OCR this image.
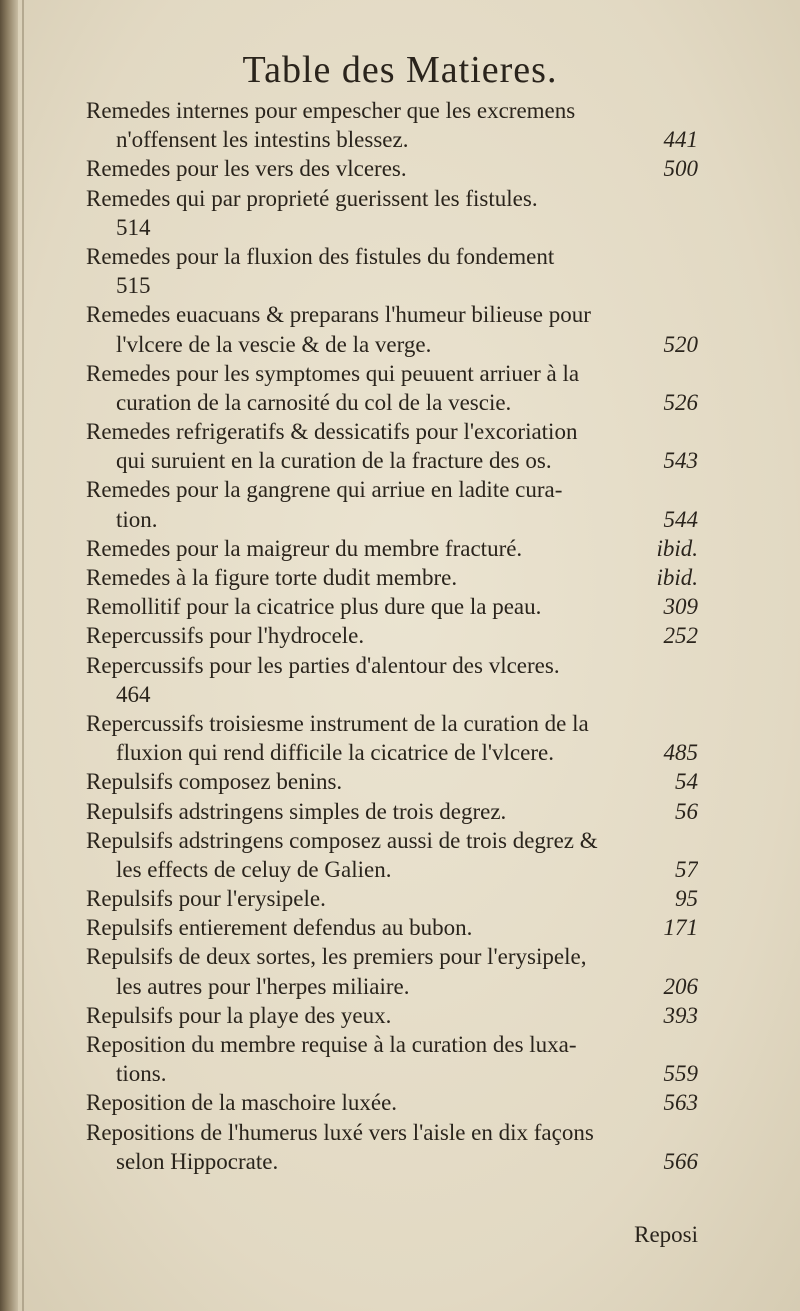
Table des Matieres.
Remedes internes pour empescher que les excremens
n'offensent les intestins blessez.	441
Remedes pour les vers des vlceres.	500
Remedes qui par proprieté guerissent les fistules.
514
Remedes pour la fluxion des fistules du fondement
515
Remedes euacuans & preparans l'humeur bilieuse pour
l'vlcere de la vescie & de la verge.	520
Remedes pour les symptomes qui peuuent arriuer à la
curation de la carnosité du col de la vescie.	526
Remedes refrigeratifs & dessicatifs pour l'excoriation
qui suruient en la curation de la fracture des os.	543
Remedes pour la gangrene qui arriue en ladite cura-
tion.	544
Remedes pour la maigreur du membre fracturé.	ibid.
Remedes à la figure torte dudit membre.	ibid.
Remollitif pour la cicatrice plus dure que la peau.	309
Repercussifs pour l'hydrocele.	252
Repercussifs pour les parties d'alentour des vlceres.
464
Repercussifs troisiesme instrument de la curation de la
fluxion qui rend difficile la cicatrice de l'vlcere.	485
Repulsifs composez benins.	54
Repulsifs adstringens simples de trois degrez.	56
Repulsifs adstringens composez aussi de trois degrez &
les effects de celuy de Galien.	57
Repulsifs pour l'erysipele.	95
Repulsifs entierement defendus au bubon.	171
Repulsifs de deux sortes, les premiers pour l'erysipele,
les autres pour l'herpes miliaire.	206
Repulsifs pour la playe des yeux.	393
Reposition du membre requise à la curation des luxa-
tions.	559
Reposition de la maschoire luxée.	563
Repositions de l'humerus luxé vers l'aisle en dix façons
selon Hippocrate.	566
Reposi
